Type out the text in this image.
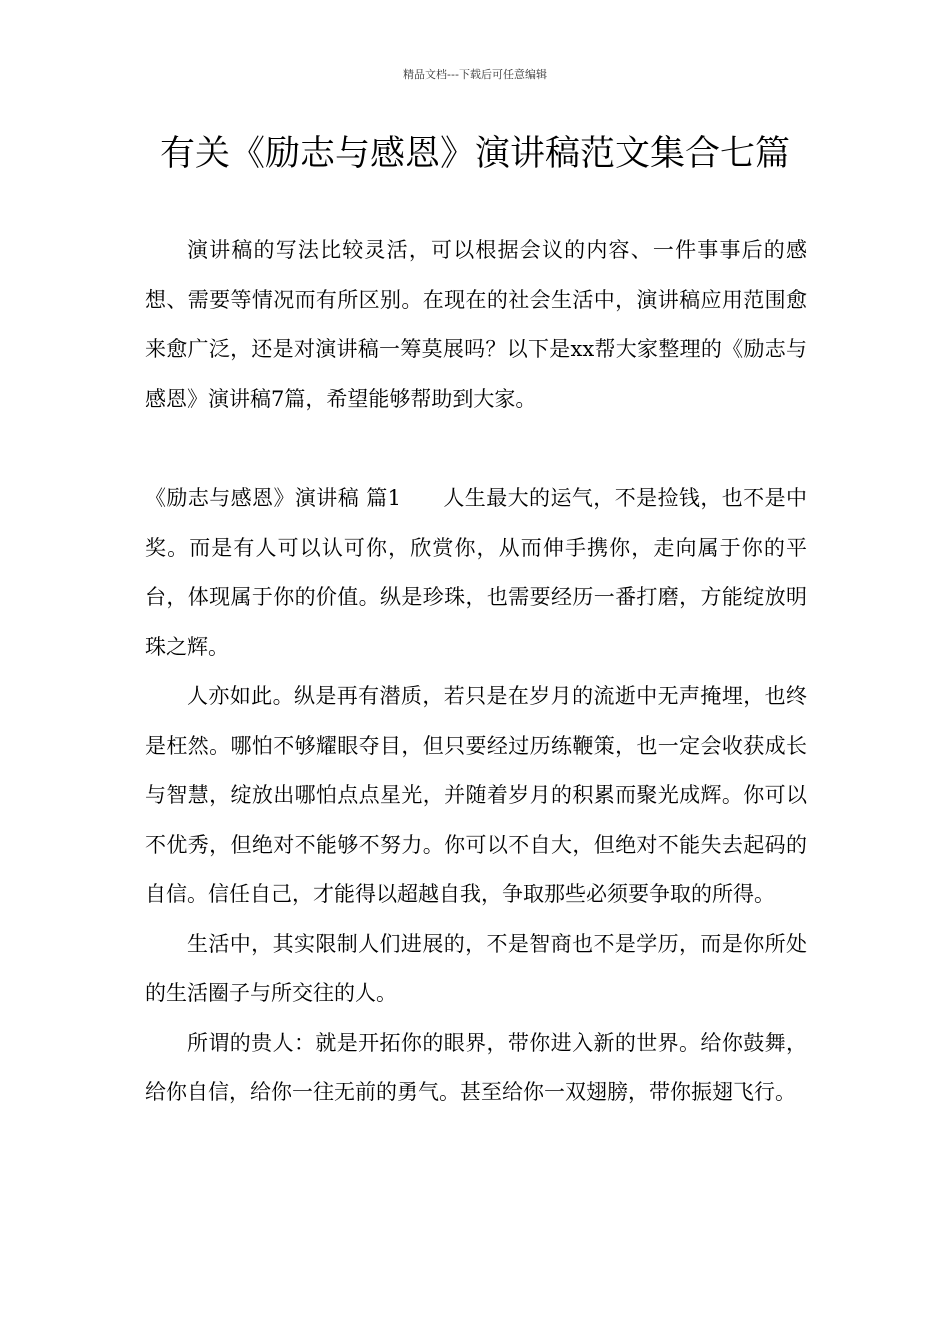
精品文档---下载后可任意编辑
有关《励志与感恩》演讲稿范文集合七篇

演讲稿的写法比较灵活，可以根据会议的内容、一件事事后的感想、需要等情况而有所区别。在现在的社会生活中，演讲稿应用范围愈来愈广泛，还是对演讲稿一筹莫展吗？以下是xx帮大家整理的《励志与感恩》演讲稿7篇，希望能够帮助到大家。

《励志与感恩》演讲稿 篇1 人生最大的运气，不是捡钱，也不是中奖。而是有人可以认可你，欣赏你，从而伸手携你，走向属于你的平台，体现属于你的价值。纵是珍珠，也需要经历一番打磨，方能绽放明珠之辉。

人亦如此。纵是再有潜质，若只是在岁月的流逝中无声掩埋，也终是枉然。哪怕不够耀眼夺目，但只要经过历练鞭策，也一定会收获成长与智慧，绽放出哪怕点点星光，并随着岁月的积累而聚光成辉。你可以不优秀，但绝对不能够不努力。你可以不自大，但绝对不能失去起码的自信。信任自己，才能得以超越自我，争取那些必须要争取的所得。

生活中，其实限制人们进展的，不是智商也不是学历，而是你所处的生活圈子与所交往的人。

所谓的贵人：就是开拓你的眼界，带你进入新的世界。给你鼓舞，给你自信，给你一往无前的勇气。甚至给你一双翅膀，带你振翅飞行。
